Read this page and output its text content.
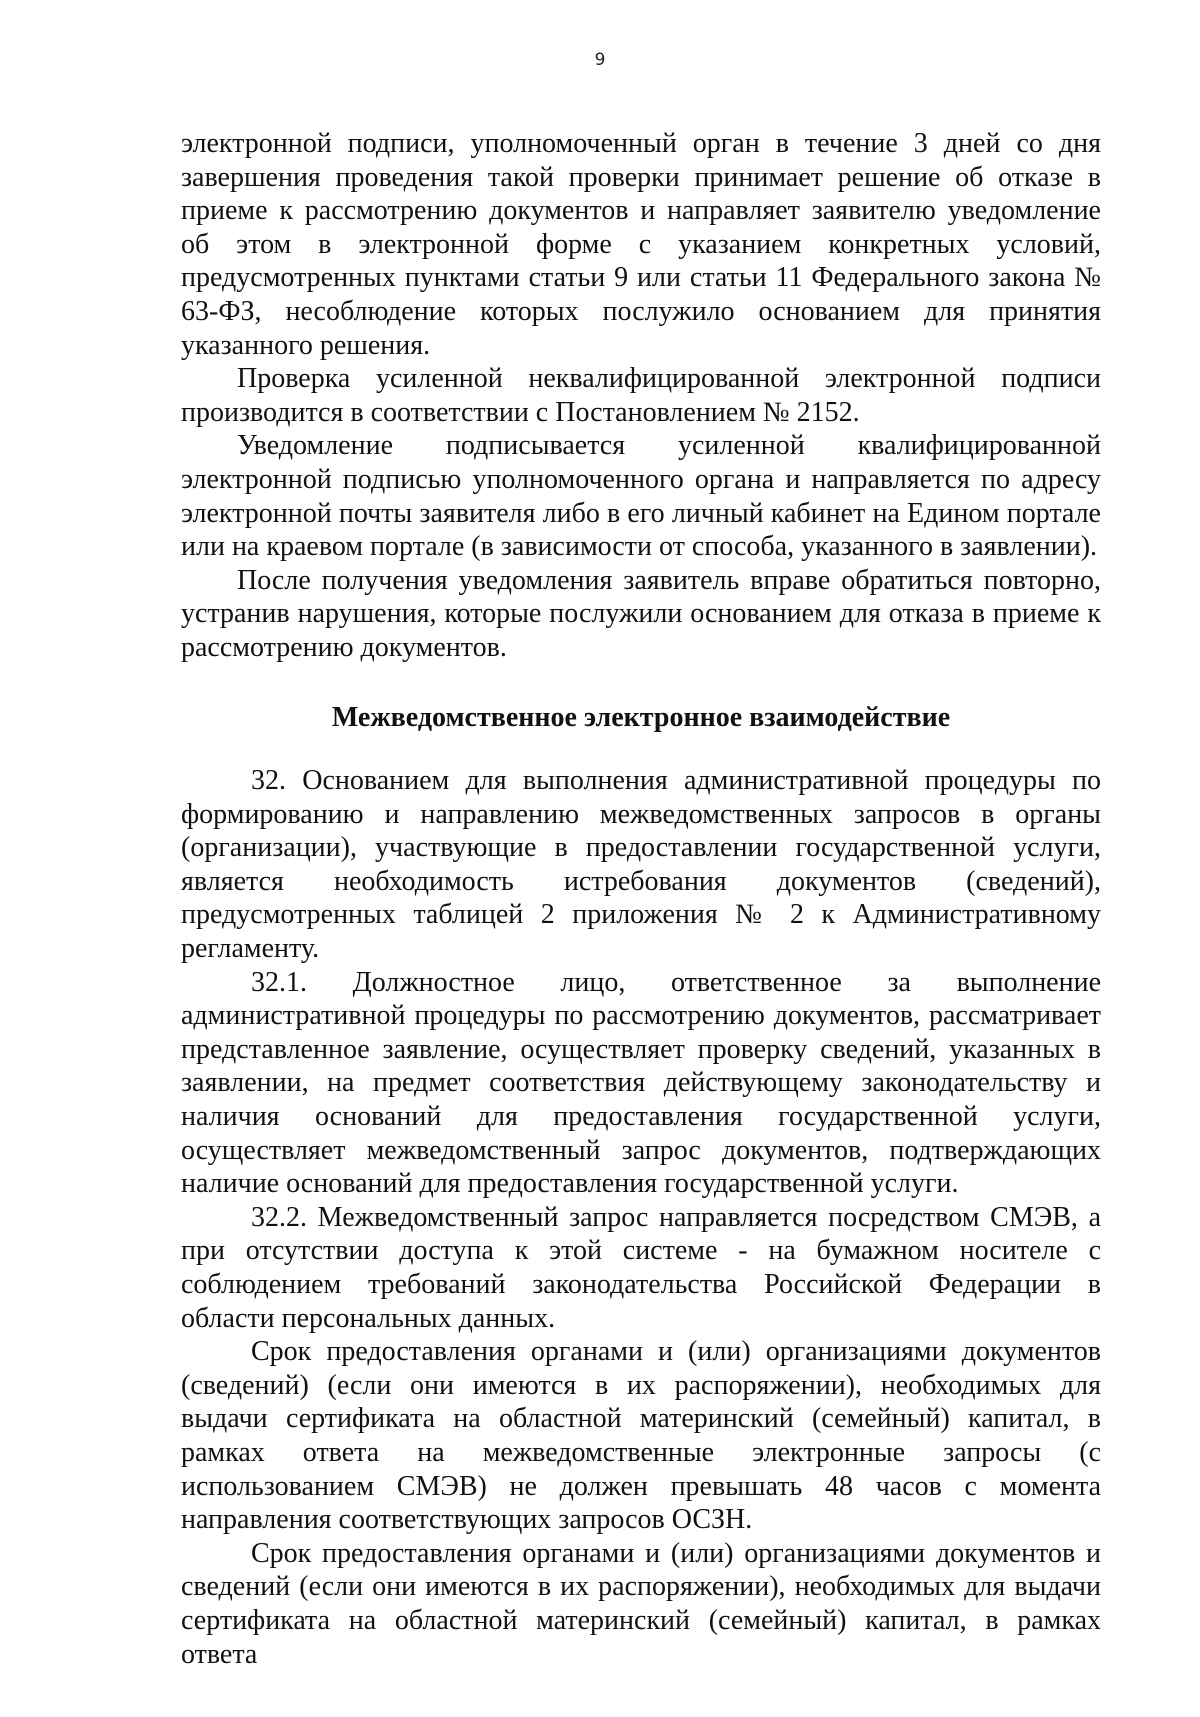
9

электронной подписи, уполномоченный орган в течение 3 дней со дня завершения проведения такой проверки принимает решение об отказе в приеме к рассмотрению документов и направляет заявителю уведомление об этом в электронной форме с указанием конкретных условий, предусмотренных пунктами статьи 9 или статьи 11 Федерального закона № 63-ФЗ, несоблюдение которых послужило основанием для принятия указанного решения.

Проверка усиленной неквалифицированной электронной подписи производится в соответствии с Постановлением № 2152.

Уведомление подписывается усиленной квалифицированной электронной подписью уполномоченного органа и направляется по адресу электронной почты заявителя либо в его личный кабинет на Едином портале или на краевом портале (в зависимости от способа, указанного в заявлении).

После получения уведомления заявитель вправе обратиться повторно, устранив нарушения, которые послужили основанием для отказа в приеме к рассмотрению документов.

Межведомственное электронное взаимодействие

32. Основанием для выполнения административной процедуры по формированию и направлению межведомственных запросов в органы (организации), участвующие в предоставлении государственной услуги, является необходимость истребования документов (сведений), предусмотренных таблицей 2 приложения № 2 к Административному регламенту.

32.1. Должностное лицо, ответственное за выполнение административной процедуры по рассмотрению документов, рассматривает представленное заявление, осуществляет проверку сведений, указанных в заявлении, на предмет соответствия действующему законодательству и наличия оснований для предоставления государственной услуги, осуществляет межведомственный запрос документов, подтверждающих наличие оснований для предоставления государственной услуги.

32.2. Межведомственный запрос направляется посредством СМЭВ, а при отсутствии доступа к этой системе - на бумажном носителе с соблюдением требований законодательства Российской Федерации в области персональных данных.

Срок предоставления органами и (или) организациями документов (сведений) (если они имеются в их распоряжении), необходимых для выдачи сертификата на областной материнский (семейный) капитал, в рамках ответа на межведомственные электронные запросы (с использованием СМЭВ) не должен превышать 48 часов с момента направления соответствующих запросов ОСЗН.

Срок предоставления органами и (или) организациями документов и сведений (если они имеются в их распоряжении), необходимых для выдачи сертификата на областной материнский (семейный) капитал, в рамках ответа
